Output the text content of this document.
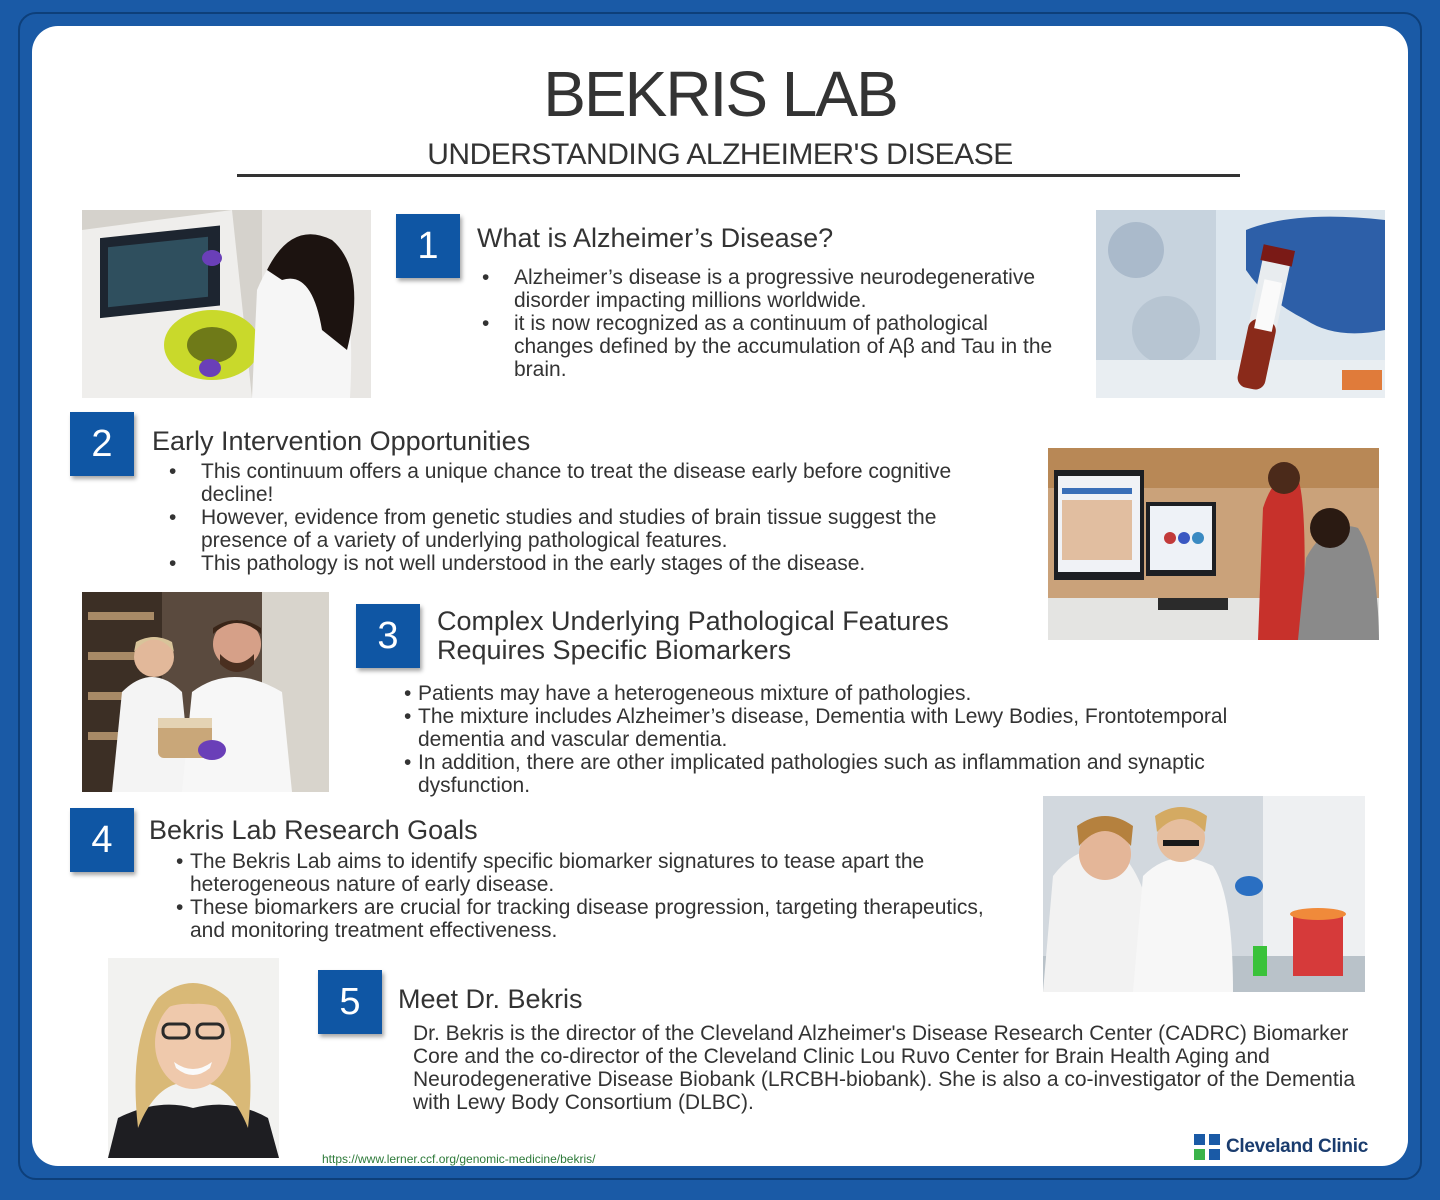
BEKRIS LAB
UNDERSTANDING ALZHEIMER'S DISEASE
1	What is Alzheimer’s Disease?
• Alzheimer’s disease is a progressive neurodegenerative disorder impacting millions worldwide.
• it is now recognized as a continuum of pathological changes defined by the accumulation of Aβ and Tau in the brain.
2	Early Intervention Opportunities
• This continuum offers a unique chance to treat the disease early before cognitive decline!
• However, evidence from genetic studies and studies of brain tissue suggest the presence of a variety of underlying pathological features.
• This pathology is not well understood in the early stages of the disease.
3	Complex Underlying Pathological Features
Requires Specific Biomarkers
• Patients may have a heterogeneous mixture of pathologies.
• The mixture includes Alzheimer’s disease, Dementia with Lewy Bodies, Frontotemporal dementia and vascular dementia.
• In addition, there are other implicated pathologies such as inflammation and synaptic dysfunction.
4	Bekris Lab Research Goals
• The Bekris Lab aims to identify specific biomarker signatures to tease apart the heterogeneous nature of early disease.
• These biomarkers are crucial for tracking disease progression, targeting therapeutics, and monitoring treatment effectiveness.
5	Meet Dr. Bekris
Dr. Bekris is the director of the Cleveland Alzheimer's Disease Research Center (CADRC) Biomarker Core and the co-director of the Cleveland Clinic Lou Ruvo Center for Brain Health Aging and Neurodegenerative Disease Biobank (LRCBH-biobank). She is also a co-investigator of the Dementia with Lewy Body Consortium (DLBC).
https://www.lerner.ccf.org/genomic-medicine/bekris/
Cleveland Clinic
